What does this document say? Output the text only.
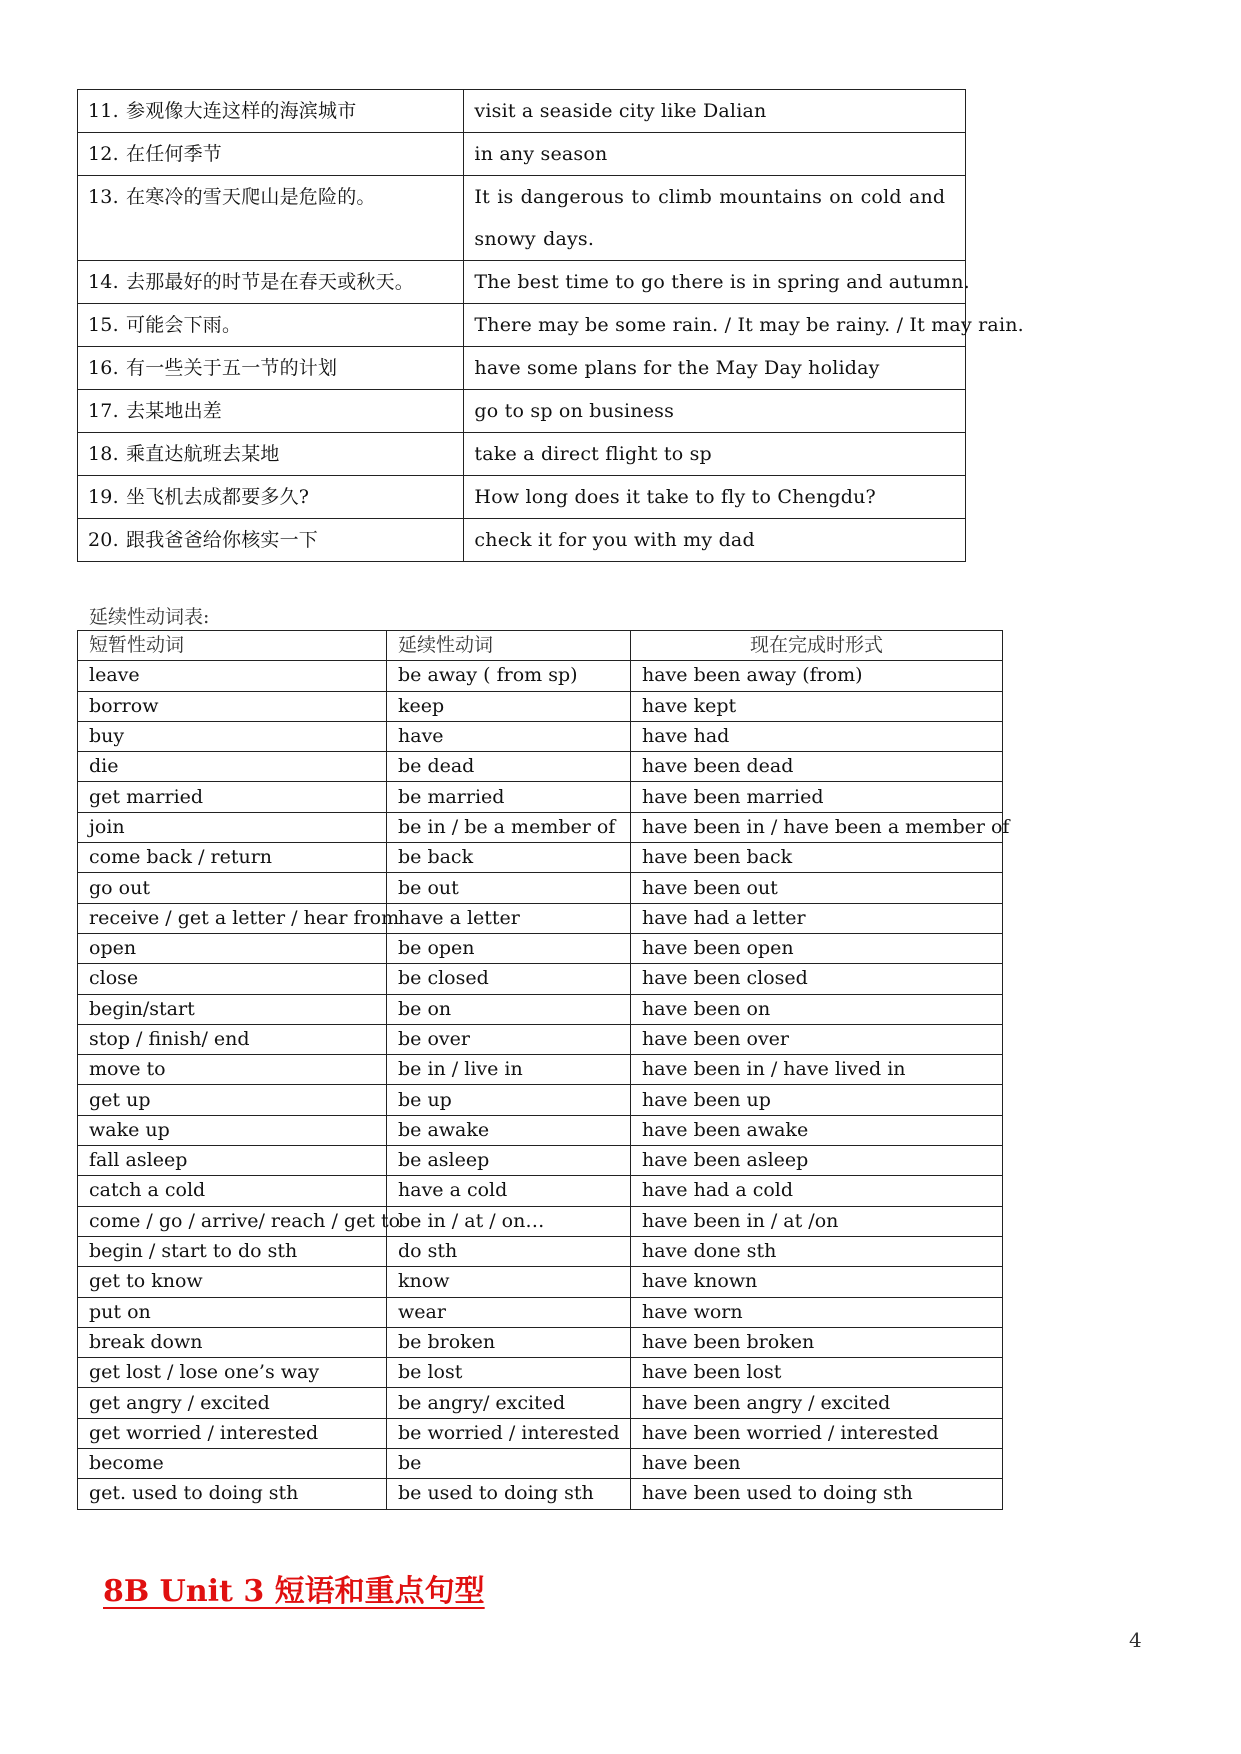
11. 参观像大连这样的海滨城市	visit a seaside city like Dalian
12. 在任何季节	in any season
13. 在寒冷的雪天爬山是危险的。	It is dangerous to climb mountains on cold and snowy days.
14. 去那最好的时节是在春天或秋天。	The best time to go there is in spring and autumn.
15. 可能会下雨。	There may be some rain. / It may be rainy. / It may rain.
16. 有一些关于五一节的计划	have some plans for the May Day holiday
17. 去某地出差	go to sp on business
18. 乘直达航班去某地	take a direct flight to sp
19. 坐飞机去成都要多久?	How long does it take to fly to Chengdu?
20. 跟我爸爸给你核实一下	check it for you with my dad
延续性动词表:
短暂性动词	延续性动词	现在完成时形式
leave	be away ( from sp)	have been away (from)
borrow	keep	have kept
buy	have	have had
die	be dead	have been dead
get married	be married	have been married
join	be in / be a member of	have been in / have been a member of
come back / return	be back	have been back
go out	be out	have been out
receive / get a letter / hear from	have a letter	have had a letter
open	be open	have been open
close	be closed	have been closed
begin/start	be on	have been on
stop / finish/ end	be over	have been over
move to	be in / live in	have been in / have lived in
get up	be up	have been up
wake up	be awake	have been awake
fall asleep	be asleep	have been asleep
catch a cold	have a cold	have had a cold
come / go / arrive/ reach / get to	be in / at / on…	have been in / at /on
begin / start to do sth	do sth	have done sth
get to know	know	have known
put on	wear	have worn
break down	be broken	have been broken
get lost / lose one’s way	be lost	have been lost
get angry / excited	be angry/ excited	have been angry / excited
get worried / interested	be worried / interested	have been worried / interested
become	be	have been
get. used to doing sth	be used to doing sth	have been used to doing sth
8B Unit 3 短语和重点句型
4
